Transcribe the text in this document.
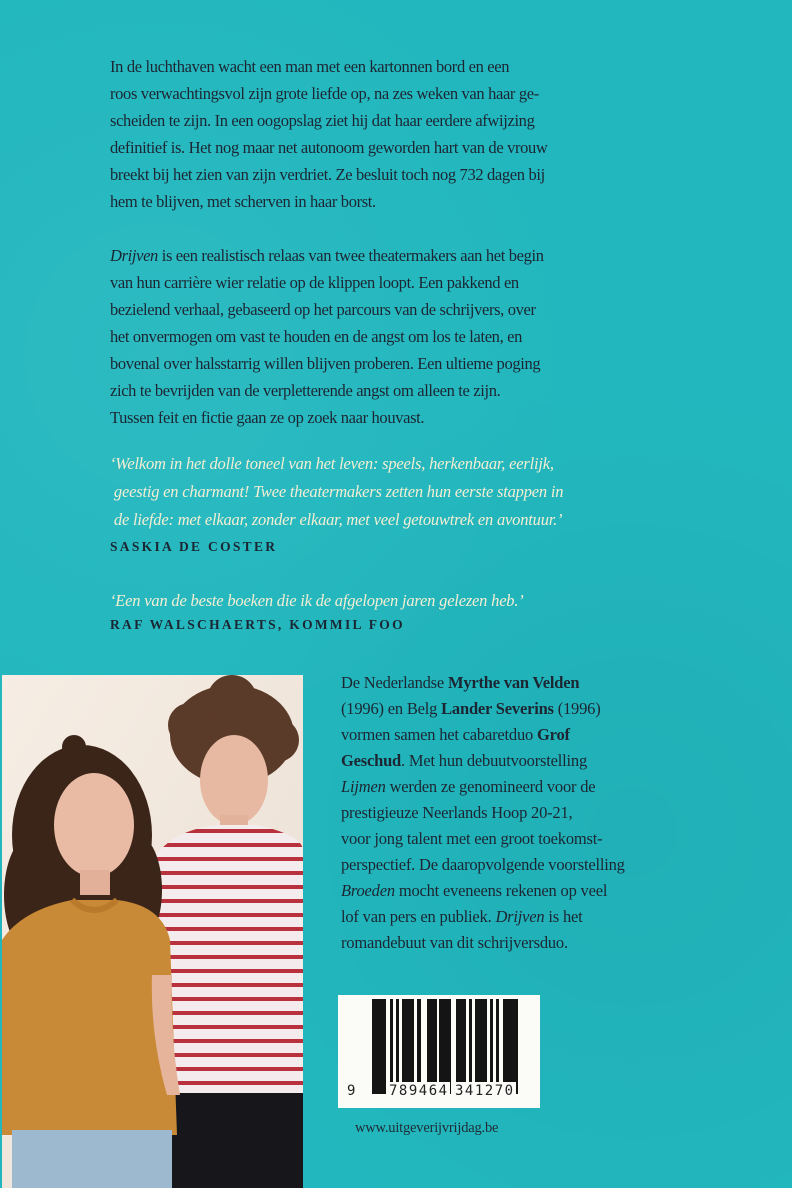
In de luchthaven wacht een man met een kartonnen bord en een
roos verwachtingsvol zijn grote liefde op, na zes weken van haar ge-
scheiden te zijn. In een oogopslag ziet hij dat haar eerdere afwijzing
definitief is. Het nog maar net autonoom geworden hart van de vrouw
breekt bij het zien van zijn verdriet. Ze besluit toch nog 732 dagen bij
hem te blijven, met scherven in haar borst.
Drijven is een realistisch relaas van twee theatermakers aan het begin
van hun carrière wier relatie op de klippen loopt. Een pakkend en
bezielend verhaal, gebaseerd op het parcours van de schrijvers, over
het onvermogen om vast te houden en de angst om los te laten, en
bovenal over halsstarrig willen blijven proberen. Een ultieme poging
zich te bevrijden van de verpletterende angst om alleen te zijn.
Tussen feit en fictie gaan ze op zoek naar houvast.
‘Welkom in het dolle toneel van het leven: speels, herkenbaar, eerlijk,
geestig en charmant! Twee theatermakers zetten hun eerste stappen in
de liefde: met elkaar, zonder elkaar, met veel getouwtrek en avontuur.’
SASKIA DE COSTER
‘Een van de beste boeken die ik de afgelopen jaren gelezen heb.’
RAF WALSCHAERTS, KOMMIL FOO
De Nederlandse Myrthe van Velden
(1996) en Belg Lander Severins (1996)
vormen samen het cabaretduo Grof
Geschud. Met hun debuutvoorstelling
Lijmen werden ze genomineerd voor de
prestigieuze Neerlands Hoop 20-21,
voor jong talent met een groot toekomst-
perspectief. De daaropvolgende voorstelling
Broeden mocht eveneens rekenen op veel
lof van pers en publiek. Drijven is het
romandebuut van dit schrijversduo.
9 789464 341270
www.uitgeverijvrijdag.be
